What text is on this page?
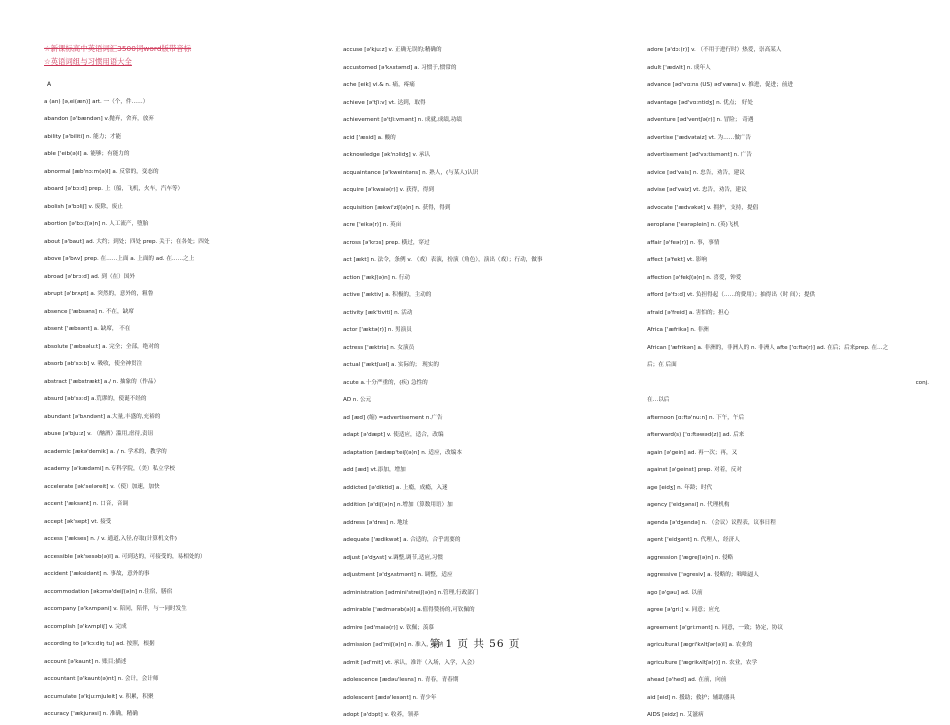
☆新课标高中英语词汇3500词word版带音标
☆英语词组与习惯用语大全
A
a (an) [ə,ei(æn)] art. 一（个，件……）
abandon [ə'bændən] v.抛弃，舍弃，放弃
ability [ə'biliti] n. 能力；才能
able ['eib(ə)l] a. 能够；有能力的
abnormal [æb'nɔ:m(ə)l] a. 反常的，变态的
aboard [ə'bɔ:d] prep. 上（船，飞机，火车，汽车等）
abolish [ə'bɔliʃ] v. 废除，废止
abortion [ə'bɔ:ʃ(ə)n] n. 人工流产，堕胎
about [ə'baut] ad. 大约；到处；四处 prep. 关于；在各处；四处
above [ə'bʌv] prep. 在……上面 a. 上面的 ad. 在……之上
abroad [ə'brɔ:d] ad. 到（在）国外
abrupt [ə'brʌpt] a. 突然的，意外的，粗鲁
absence ['æbsəns] n. 不在，缺席
absent ['æbsənt] a. 缺席， 不在
absolute ['æbsəlu:t] a. 完全；全部，绝对的
absorb [əb'sɔ:b] v. 吸收，使全神贯注
abstract ['æbstrækt] a./ n. 抽象的（作品）
absurd [əb'sɜ:d] a.荒谬的，使诞不经的
abundant [ə'bʌndənt] a.大量,丰盛的,充裕的
abuse [ə'bju:z] v. （酗酒）滥用,虐待,责诅
academic [ækə'demik] a. / n. 学术的，教学的
academy [ə'kædəmi] n.专科学院，（美）私立学校
accelerate [ək'seləreit] v.（使）加速，加快
accent ['æksənt] n. 口音，音调
accept [ək'sept] vt. 接受
access ['ækses] n. / v. 通道,入径,存取(计算机文件)
accessible [ək'sesəb(ə)l] a. 可到达的，可接受的，易相处的）
accident ['æksidənt] n. 事故，意外的事
accommodation [əkɔmə'deiʃ(ə)n] n.住宿，膳宿
accompany [ə'kʌmpəni] v. 陪同，陪伴，与一同时发生
accomplish [ə'kʌmpliʃ] v. 完成
according to [ə'kɔ:diŋ tu] ad. 按照，根据
account [ə'kaunt] n. 账目;描述
accountant [ə'kaunt(ə)nt] n. 会计，会计师
accumulate [ə'kju:mjuleit] v. 积累，积聚
accuracy ['ækjurəsi] n. 准确，精确
accuse [ə'kju:z] v. 正确无误的;精确的
accustomed [ə'kʌstəmd] a. 习惯于,惯常的
ache [eik] vi.& n. 痛，疼痛
achieve [ə'tʃi:v] vt. 达到，取得
achievement [ə'tʃi:vmənt] n. 成就,成绩,功绩
acid ['æsid] a. 酸的
acknowledge [ək'nɔlidʒ] v. 承认
acquaintance [ə'kweintəns] n. 熟人，(与某人)认识
acquire [ə'kwaiə(r)] v. 获得，得到
acquisition [ækwi'ziʃ(ə)n] n. 获得，得到
acre ['eikə(r)] n. 英亩
across [ə'krɔs] prep. 横过，穿过
act [ækt] n. 法令，条例 v. （戏）表演，扮演（角色），演出（戏）；行动，做事
action ['ækʃ(ə)n] n. 行动
active ['æktiv] a. 积极的，主动的
activity [æk'tiviti] n. 活动
actor ['æktə(r)] n. 男演员
actress ['æktris] n. 女演员
actual ['æktʃuəl] a. 实际的； 现实的
acute a.十分严重的，(疾) 急性的
AD n. 公元
ad [æd] (缩) =advertisement n.广告
adapt [ə'dæpt] v. 使适应，适合，改编
adaptation [ædæp'teiʃ(ə)n] n. 适应，改编本
add [æd] vt.添加，增加
addicted [ə'diktid] a. 上瘾，成瘾，入迷
addition [ə'diʃ(ə)n] n.增加（算数用语）加
address [ə'dres] n. 地址
adequate ['ædikwət] a. 合适的，合乎需要的
adjust [ə'dʒʌst] v.调整,调节,适应,习惯
adjustment [ə'dʒʌstmənt] n. 调整，适应
administration [ədmini'streiʃ(ə)n] n.管理,行政部门
admirable ['ædmərəb(ə)l] a.值得赞扬的,可钦佩的
admire [əd'maiə(r)] v. 钦佩；羡慕
admission [əd'miʃ(ə)n] n. 准入，接纳
admit [əd'mit] vt. 承认，准许（入场，入学，入会）
adolescence [ædəu'lesns] n. 青春，青春期
adolescent [ædə'lesənt] n. 青少年
adopt [ə'dɔpt] v. 收养，领养
adore [ə'dɔ:(r)] v. （不用于进行时）热爱，崇高某人
adult ['ædʌlt] n. 成年人
advance [əd'vɑ:ns (US) əd'væns] v. 推进，促进；前进
advantage [əd'vɑ:ntidʒ] n. 优点； 好处
adventure [əd'ventʃə(r)] n. 冒险； 奇遇
advertise ['ædvətaiz] vt. 为……做广告
advertisement [əd'vɜ:tismənt] n. 广告
advice [əd'vais] n. 忠告，劝告，建议
advise [əd'vaiz] vt. 忠告，劝告，建议
advocate ['ædvəkət] v. 拥护，支持，提倡
aeroplane ['eərəplein] n. (英)飞机
affair [ə'feə(r)] n. 事，事情
affect [ə'fekt] vt. 影响
affection [ə'fekʃ(ə)n] n. 喜爱，钟爱
afford [ə'fɔ:d] vt. 负担得起（……的费用）；抽得出（时 间）；提供
afraid [ə'freid] a. 害怕的；担心
Africa ['æfrikə] n. 非洲
African ['æfrikən] a. 非洲的，非洲人的 n. 非洲人 afte ['ɑ:ftə(r)] ad. 在后；后来prep. 在…之
后；在 后面
conj.
在…以后
afternoon [ɑ:ftə'nu:n] n. 下午，午后
afterward(s) ['ɑ:ftəwəd(z)] ad. 后来
again [ə'gein] ad. 再一次；再，又
against [ə'geinst] prep. 对着，反对
age [eidʒ] n. 年龄；时代
agency ['eidʒənsi] n. 代理机构
agenda [ə'dʒendə] n. （会议）议程表，议事日程
agent ['eidʒənt] n. 代理人，经济人
aggression ['ægreʃ(ə)n] n. 侵略
aggressive ['əgresiv] a. 侵略的；咄咄逼人
ago [ə'gəu] ad. 以前
agree [ə'gri:] v. 同意；应允
agreement [ə'gri:mənt] n. 同意，一致；协定，协议
agricultural [ægri'kʌltʃər(ə)l] a. 农业的
agriculture ['ægrikʌltʃə(r)] n. 农业，农学
ahead [ə'hed] ad. 在前，向前
aid [eid] n. 援助；救护；辅助器具
AIDS [eidz] n. 艾滋病
第 1 页 共 56 页
